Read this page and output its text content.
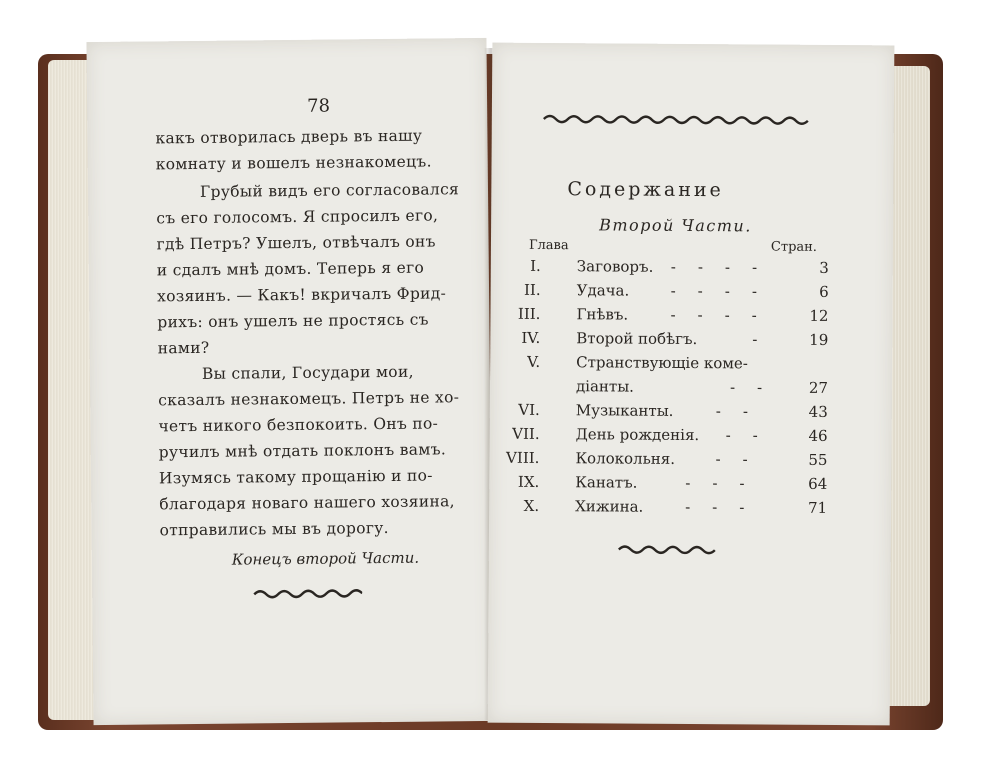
78
какъ отворилась дверь въ нашу
комнату и вошелъ незнакомецъ.
Грубый видъ его согласовался
съ его голосомъ. Я спросилъ его,
гдѣ Петръ? Ушелъ, отвѣчалъ онъ
и сдалъ мнѣ домъ. Теперь я его
хозяинъ. — Какъ! вкричалъ Фрид-
рихъ: онъ ушелъ не простясь съ
нами?
Вы спали, Государи мои,
сказалъ незнакомецъ. Петръ не хо-
четъ никого безпокоить. Онъ по-
ручилъ мнѣ отдать поклонъ вамъ.
Изумясь такому прощанію и по-
благодаря новаго нашего хозяина,
отправились мы въ дорогу.
Конецъ второй Части.
Содержание
Второй Части.
Глава	Стран.
I. Заговоръ. ----	3
II. Удача.	----	6
III. Гнѣвъ.	---- 12
IV. Второй побѣгъ.	- 19
V. Странствующіе коме-
діанты.	-- 27
VI. Музыканты.	--	43
VII. День рожденія. -- 46
VIII. Колокольня.	--	55
IX. Канатъ.	---	64
X. Хижина.	---	71
